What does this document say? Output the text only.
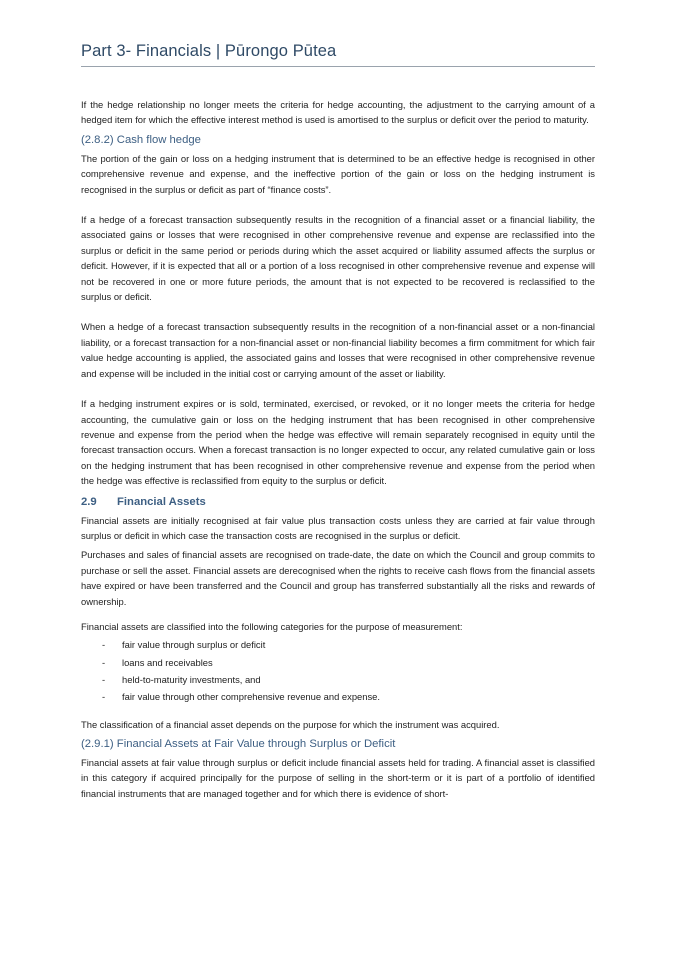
Part 3- Financials | Pūrongo Pūtea

If the hedge relationship no longer meets the criteria for hedge accounting, the adjustment to the carrying amount of a hedged item for which the effective interest method is used is amortised to the surplus or deficit over the period to maturity.

(2.8.2) Cash flow hedge

The portion of the gain or loss on a hedging instrument that is determined to be an effective hedge is recognised in other comprehensive revenue and expense, and the ineffective portion of the gain or loss on the hedging instrument is recognised in the surplus or deficit as part of “finance costs”.

If a hedge of a forecast transaction subsequently results in the recognition of a financial asset or a financial liability, the associated gains or losses that were recognised in other comprehensive revenue and expense are reclassified into the surplus or deficit in the same period or periods during which the asset acquired or liability assumed affects the surplus or deficit. However, if it is expected that all or a portion of a loss recognised in other comprehensive revenue and expense will not be recovered in one or more future periods, the amount that is not expected to be recovered is reclassified to the surplus or deficit.

When a hedge of a forecast transaction subsequently results in the recognition of a non-financial asset or a non-financial liability, or a forecast transaction for a non-financial asset or non-financial liability becomes a firm commitment for which fair value hedge accounting is applied, the associated gains and losses that were recognised in other comprehensive revenue and expense will be included in the initial cost or carrying amount of the asset or liability.

If a hedging instrument expires or is sold, terminated, exercised, or revoked, or it no longer meets the criteria for hedge accounting, the cumulative gain or loss on the hedging instrument that has been recognised in other comprehensive revenue and expense from the period when the hedge was effective will remain separately recognised in equity until the forecast transaction occurs. When a forecast transaction is no longer expected to occur, any related cumulative gain or loss on the hedging instrument that has been recognised in other comprehensive revenue and expense from the period when the hedge was effective is reclassified from equity to the surplus or deficit.

2.9 Financial Assets

Financial assets are initially recognised at fair value plus transaction costs unless they are carried at fair value through surplus or deficit in which case the transaction costs are recognised in the surplus or deficit.

Purchases and sales of financial assets are recognised on trade-date, the date on which the Council and group commits to purchase or sell the asset. Financial assets are derecognised when the rights to receive cash flows from the financial assets have expired or have been transferred and the Council and group has transferred substantially all the risks and rewards of ownership.

Financial assets are classified into the following categories for the purpose of measurement:

- fair value through surplus or deficit
- loans and receivables
- held-to-maturity investments, and
- fair value through other comprehensive revenue and expense.

The classification of a financial asset depends on the purpose for which the instrument was acquired.

(2.9.1) Financial Assets at Fair Value through Surplus or Deficit

Financial assets at fair value through surplus or deficit include financial assets held for trading. A financial asset is classified in this category if acquired principally for the purpose of selling in the short-term or it is part of a portfolio of identified financial instruments that are managed together and for which there is evidence of short-
